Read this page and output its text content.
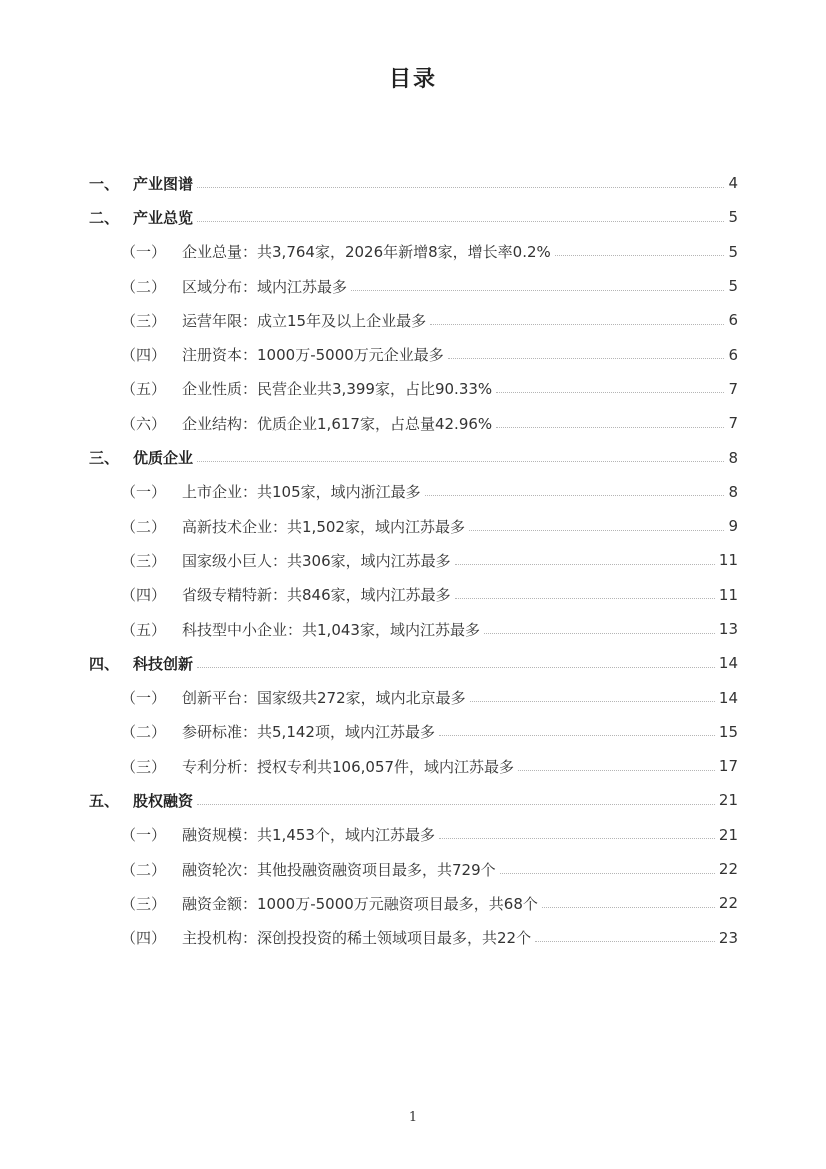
目录
一、 产业图谱	4
二、 产业总览	5
（一） 企业总量：共3,764家，2026年新增8家，增长率0.2%	5
（二） 区域分布：域内江苏最多	5
（三） 运营年限：成立15年及以上企业最多	6
（四） 注册资本：1000万-5000万元企业最多	6
（五） 企业性质：民营企业共3,399家，占比90.33%	7
（六） 企业结构：优质企业1,617家，占总量42.96%	7
三、 优质企业	8
（一） 上市企业：共105家，域内浙江最多	8
（二） 高新技术企业：共1,502家，域内江苏最多	9
（三） 国家级小巨人：共306家，域内江苏最多	11
（四） 省级专精特新：共846家，域内江苏最多	11
（五） 科技型中小企业：共1,043家，域内江苏最多	13
四、 科技创新	14
（一） 创新平台：国家级共272家，域内北京最多	14
（二） 参研标准：共5,142项，域内江苏最多	15
（三） 专利分析：授权专利共106,057件，域内江苏最多	17
五、 股权融资	21
（一） 融资规模：共1,453个，域内江苏最多	21
（二） 融资轮次：其他投融资融资项目最多，共729个	22
（三） 融资金额：1000万-5000万元融资项目最多，共68个	22
（四） 主投机构：深创投投资的稀土领域项目最多，共22个	23
1
